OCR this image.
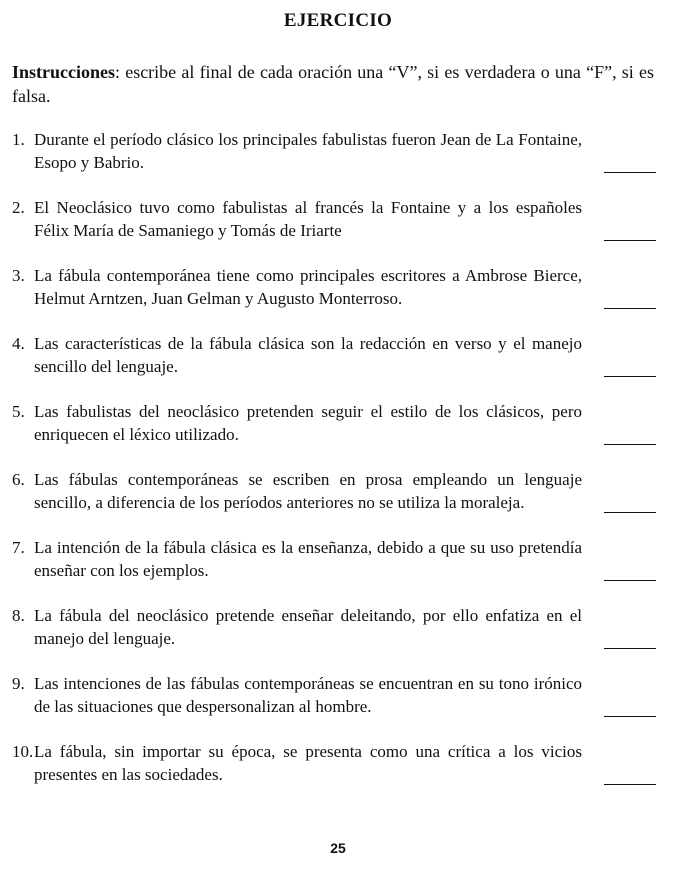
EJERCICIO
Instrucciones: escribe al final de cada oración una “V”, si es verdadera o una “F”, si es falsa.
1. Durante el período clásico los principales fabulistas fueron Jean de La Fontaine, Esopo y Babrio.
2. El Neoclásico tuvo como fabulistas al francés la Fontaine y a los españoles Félix María de Samaniego y Tomás de Iriarte
3. La fábula contemporánea tiene como principales escritores a Ambrose Bierce, Helmut Arntzen, Juan Gelman y Augusto Monterroso.
4. Las características de la fábula clásica son la redacción en verso y el manejo sencillo del lenguaje.
5. Las fabulistas del neoclásico pretenden seguir el estilo de los clásicos, pero enriquecen el léxico utilizado.
6. Las fábulas contemporáneas se escriben en prosa empleando un lenguaje sencillo, a diferencia de los períodos anteriores no se utiliza la moraleja.
7. La intención de la fábula clásica es la enseñanza, debido a que su uso pretendía enseñar con los ejemplos.
8. La fábula del neoclásico pretende enseñar deleitando, por ello enfatiza en el manejo del lenguaje.
9. Las intenciones de las fábulas contemporáneas se encuentran en su tono irónico de las situaciones que despersonalizan al hombre.
10. La fábula, sin importar su época, se presenta como una crítica a los vicios presentes en las sociedades.
25
